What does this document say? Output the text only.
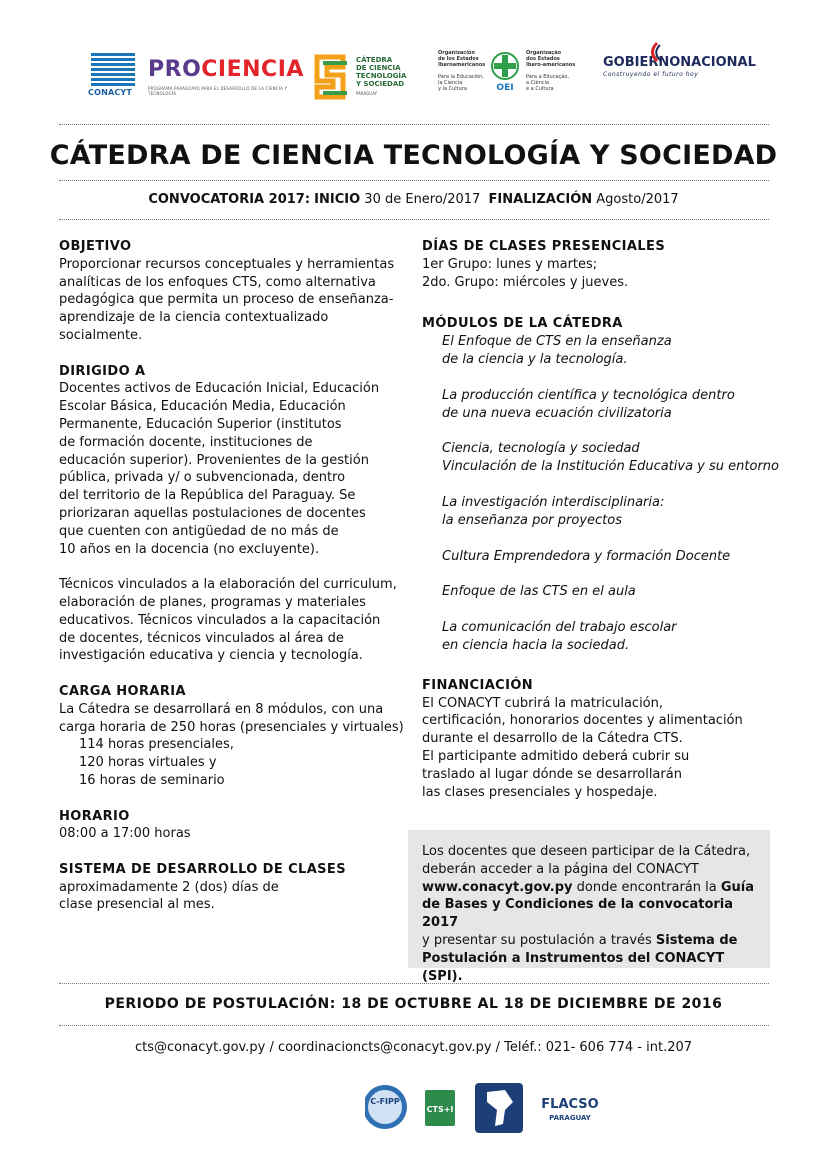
CONACYT
PROCIENCIA
PROGRAMA PARAGUAYO PARA EL DESARROLLO DE LA CIENCIA Y TECNOLOGÍA
CÁTEDRA
DE CIENCIA
TECNOLOGÍA
Y SOCIEDAD
PARAGUAY
Organización
de los Estados
Iberoamericanos

Para la Educación,
la Ciencia
y la Cultura	OEI
Organização
dos Estados
Ibero-americanos

Para a Educação,
a Ciência
e a Cultura
GOBIERNONACIONAL
Construyendo el futuro hoy
CÁTEDRA DE CIENCIA TECNOLOGÍA Y SOCIEDAD
CONVOCATORIA 2017: INICIO 30 de Enero/2017 FINALIZACIÓN Agosto/2017

OBJETIVO

Proporcionar recursos conceptuales y herramientas

analíticas de los enfoques CTS, como alternativa

pedagógica que permita un proceso de enseñanza-

aprendizaje de la ciencia contextualizado socialmente.

DIRIGIDO A

Docentes activos de Educación Inicial, Educación

Escolar Básica, Educación Media, Educación

Permanente, Educación Superior (institutos

de formación docente, instituciones de

educación superior). Provenientes de la gestión

pública, privada y/ o subvencionada, dentro

del territorio de la República del Paraguay. Se

priorizaran aquellas postulaciones de docentes

que cuenten con antigüedad de no más de

10 años en la docencia (no excluyente).

Técnicos vinculados a la elaboración del curriculum,

elaboración de planes, programas y materiales

educativos. Técnicos vinculados a la capacitación

de docentes, técnicos vinculados al área de

investigación educativa y ciencia y tecnología.

CARGA HORARIA

La Cátedra se desarrollará en 8 módulos, con una

carga horaria de 250 horas (presenciales y virtuales)

114 horas presenciales,

120 horas virtuales y

16 horas de seminario

HORARIO

08:00 a 17:00 horas

SISTEMA DE DESARROLLO DE CLASES

aproximadamente 2 (dos) días de

clase presencial al mes.

DÍAS DE CLASES PRESENCIALES

1er Grupo: lunes y martes;

2do. Grupo: miércoles y jueves.

MÓDULOS DE LA CÁTEDRA

El Enfoque de CTS en la enseñanza
de la ciencia y la tecnología.
La producción científica y tecnológica dentro
de una nueva ecuación civilizatoria
Ciencia, tecnología y sociedad
Vinculación de la Institución Educativa y su entorno
La investigación interdisciplinaria:
la enseñanza por proyectos
Cultura Emprendedora y formación Docente
Enfoque de las CTS en el aula
La comunicación del trabajo escolar
en ciencia hacia la sociedad.

FINANCIACIÓN

El CONACYT cubrirá la matriculación,

certificación, honorarios docentes y alimentación

durante el desarrollo de la Cátedra CTS.

El participante admitido deberá cubrir su

traslado al lugar dónde se desarrollarán

las clases presenciales y hospedaje.

Los docentes que deseen participar de la Cátedra,

deberán acceder a la página del CONACYT

www.conacyt.gov.py donde encontrarán la Guía

de Bases y Condiciones de la convocatoria 2017

y presentar su postulación a través Sistema de

Postulación a Instrumentos del CONACYT (SPI).

PERIODO DE POSTULACIÓN: 18 DE OCTUBRE AL 18 DE DICIEMBRE DE 2016
cts@conacyt.gov.py / coordinacioncts@conacyt.gov.py / Teléf.: 021- 606 774 - int.207
C-FIPP
CTS+I	FLACSO
PARAGUAY
